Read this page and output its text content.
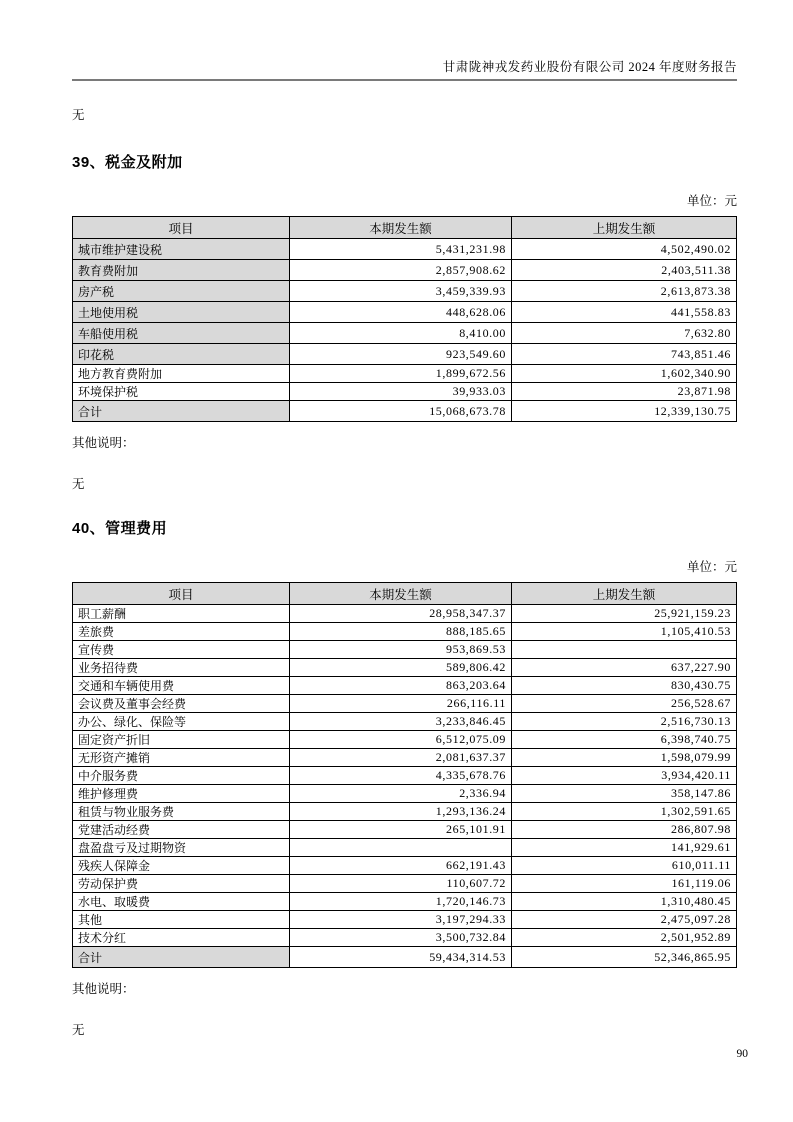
甘肃陇神戎发药业股份有限公司 2024 年度财务报告
无
39、税金及附加
单位：元
项目	本期发生额	上期发生额
城市维护建设税	5,431,231.98	4,502,490.02
教育费附加	2,857,908.62	2,403,511.38
房产税	3,459,339.93	2,613,873.38
土地使用税	448,628.06	441,558.83
车船使用税	8,410.00	7,632.80
印花税	923,549.60	743,851.46
地方教育费附加	1,899,672.56	1,602,340.90
环境保护税	39,933.03	23,871.98
合计	15,068,673.78	12,339,130.75
其他说明：
无
40、管理费用
单位：元
项目	本期发生额	上期发生额
职工薪酬	28,958,347.37	25,921,159.23
差旅费	888,185.65	1,105,410.53
宣传费	953,869.53	
业务招待费	589,806.42	637,227.90
交通和车辆使用费	863,203.64	830,430.75
会议费及董事会经费	266,116.11	256,528.67
办公、绿化、保险等	3,233,846.45	2,516,730.13
固定资产折旧	6,512,075.09	6,398,740.75
无形资产摊销	2,081,637.37	1,598,079.99
中介服务费	4,335,678.76	3,934,420.11
维护修理费	2,336.94	358,147.86
租赁与物业服务费	1,293,136.24	1,302,591.65
党建活动经费	265,101.91	286,807.98
盘盈盘亏及过期物资		141,929.61
残疾人保障金	662,191.43	610,011.11
劳动保护费	110,607.72	161,119.06
水电、取暖费	1,720,146.73	1,310,480.45
其他	3,197,294.33	2,475,097.28
技术分红	3,500,732.84	2,501,952.89
合计	59,434,314.53	52,346,865.95
其他说明：
无
90
